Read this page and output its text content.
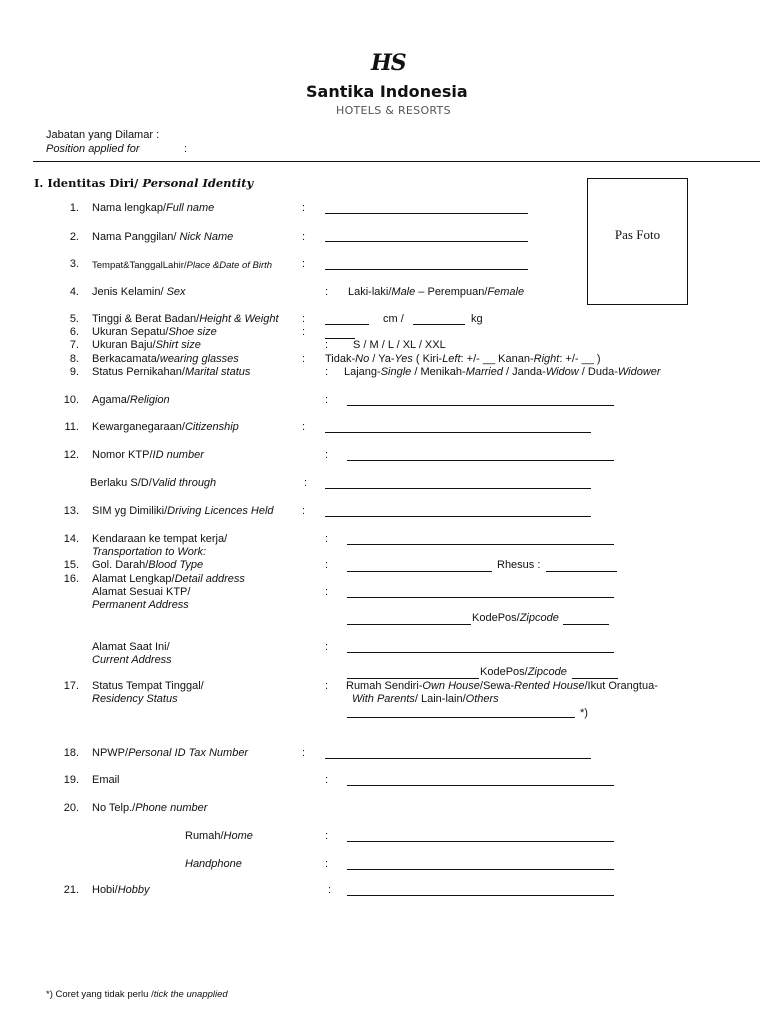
HS
Santika Indonesia
HOTELS & RESORTS
Jabatan yang Dilamar :
Position applied for	:
I. Identitas Diri/ Personal Identity
Pas Foto
1. Nama lengkap/Full name	:
2. Nama Panggilan/ Nick Name	:
3. Tempat&TanggalLahir/Place &Date of Birth	:
4. Jenis Kelamin/ Sex	: Laki-laki/Male – Perempuan/Female
5. Tinggi & Berat Badan/Height & Weight :	cm /	kg
6. Ukuran Sepatu/Shoe size	:
7. Ukuran Baju/Shirt size	: S / M / L / XL / XXL
8. Berkacamata/wearing glasses	: Tidak-No / Ya-Yes ( Kiri-Left: +/- __ Kanan-Right: +/- __ )
9. Status Pernikahan/Marital status	: Lajang-Single / Menikah-Married / Janda-Widow / Duda-Widower
10. Agama/Religion	:
11. Kewarganegaraan/Citizenship	:
12. Nomor KTP/ID number	:
Berlaku S/D/Valid through	:
13. SIM yg Dimiliki/Driving Licences Held	:
14. Kendaraan ke tempat kerja/
Transportation to Work:
:
15. Gol. Darah/Blood Type	:	Rhesus :
16. Alamat Lengkap/Detail address
Alamat Sesuai KTP/
Permanent Address
:
KodePos/Zipcode
Alamat Saat Ini/
Current Address
:
KodePos/Zipcode
17. Status Tempat Tinggal/
Residency Status
: Rumah Sendiri-Own House/Sewa-Rented House/Ikut Orangtua-
With Parents/ Lain-lain/Others
*)
18. NPWP/Personal ID Tax Number	:
19. Email	:
20. No Telp./Phone number
Rumah/Home	:
Handphone	:
21. Hobi/Hobby	:
*) Coret yang tidak perlu /tick the unapplied
